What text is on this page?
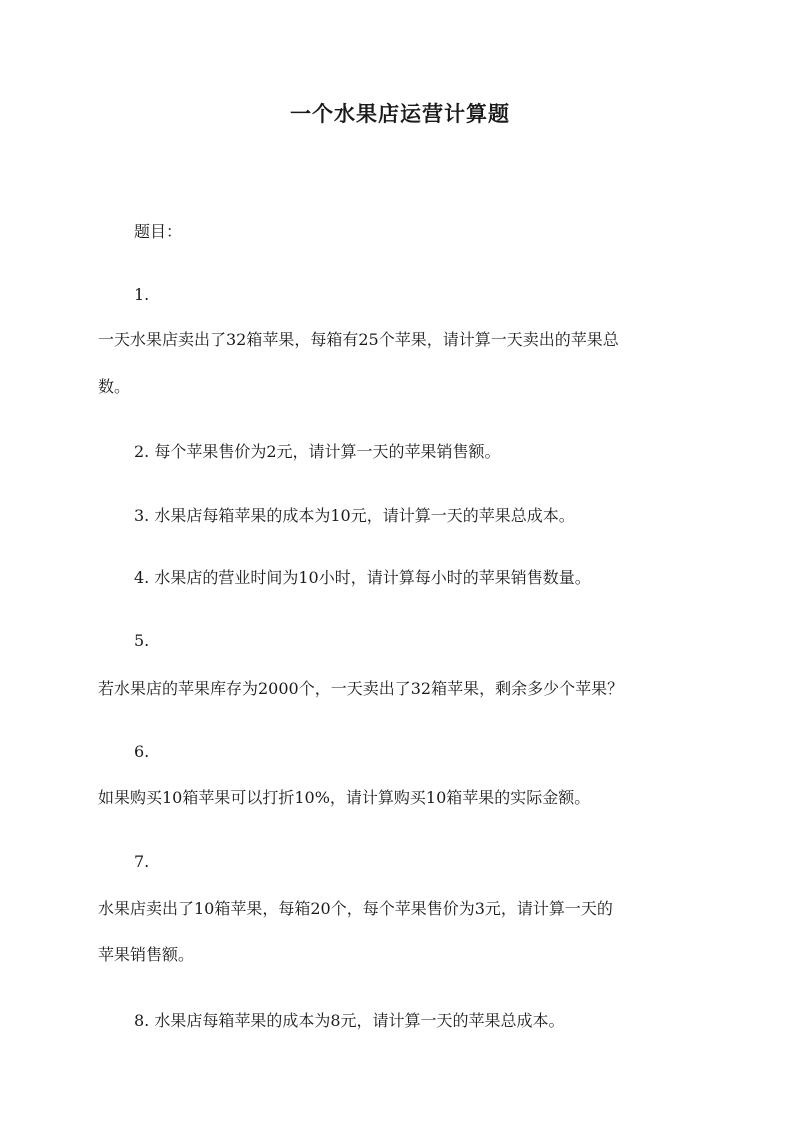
一个水果店运营计算题
题目：
1.
一天水果店卖出了32箱苹果，每箱有25个苹果，请计算一天卖出的苹果总
数。
2. 每个苹果售价为2元，请计算一天的苹果销售额。
3. 水果店每箱苹果的成本为10元，请计算一天的苹果总成本。
4. 水果店的营业时间为10小时，请计算每小时的苹果销售数量。
5.
若水果店的苹果库存为2000个，一天卖出了32箱苹果，剩余多少个苹果？
6.
如果购买10箱苹果可以打折10%，请计算购买10箱苹果的实际金额。
7.
水果店卖出了10箱苹果，每箱20个，每个苹果售价为3元，请计算一天的
苹果销售额。
8. 水果店每箱苹果的成本为8元，请计算一天的苹果总成本。
